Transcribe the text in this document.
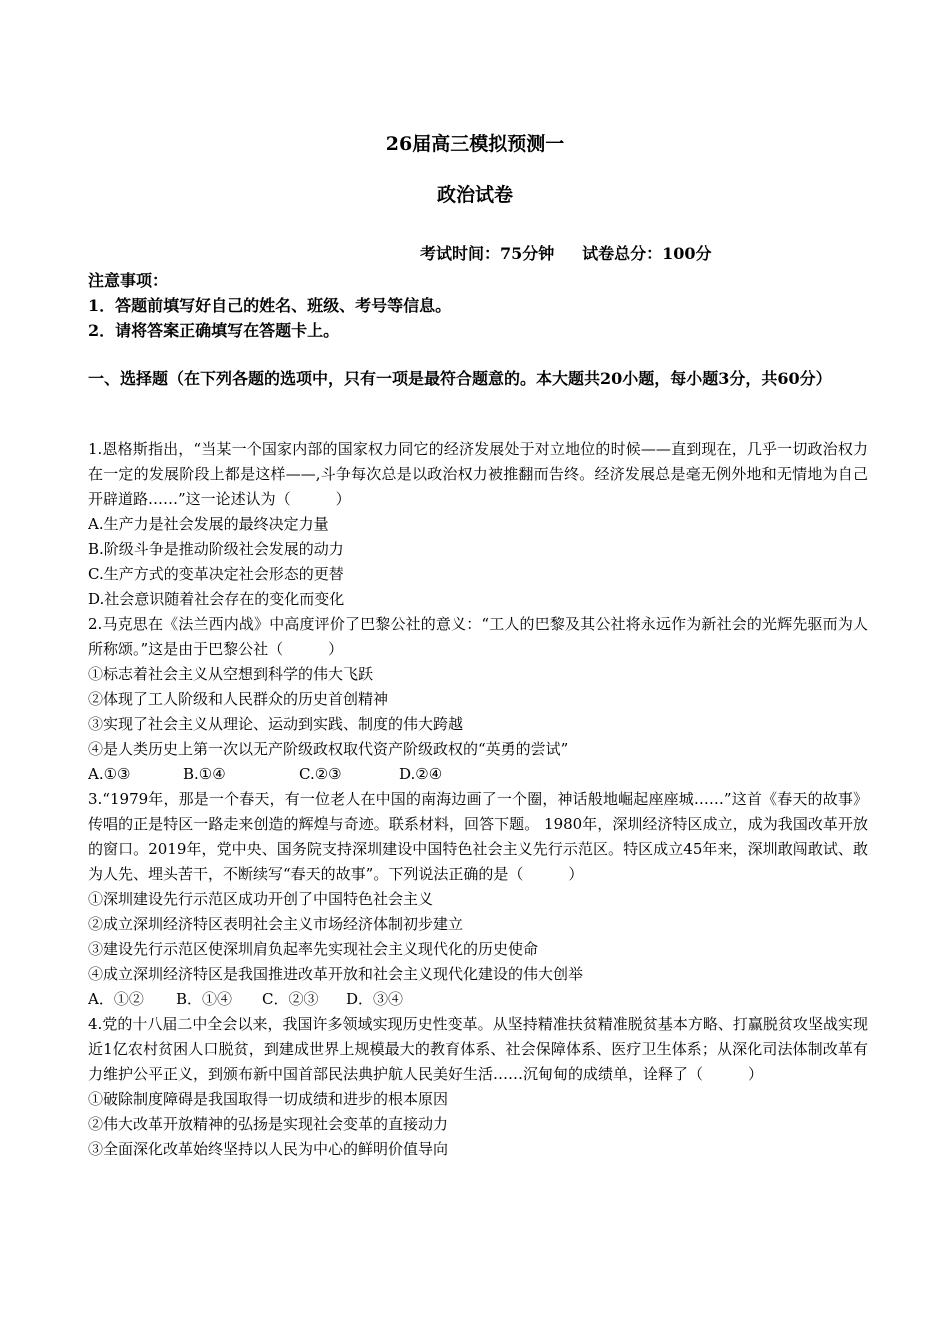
26届高三模拟预测一
政治试卷
考试时间：75分钟     试卷总分：100分
注意事项：
1．答题前填写好自己的姓名、班级、考号等信息。
2．请将答案正确填写在答题卡上。
一、选择题（在下列各题的选项中，只有一项是最符合题意的。本大题共20小题，每小题3分，共60分）
1.恩格斯指出，“当某一个国家内部的国家权力同它的经济发展处于对立地位的时候——直到现在，几乎一切政治权力在一定的发展阶段上都是这样——,斗争每次总是以政治权力被推翻而告终。经济发展总是毫无例外地和无情地为自己开辟道路……”这一论述认为（　　　）
A.生产力是社会发展的最终决定力量
B.阶级斗争是推动阶级社会发展的动力
C.生产方式的变革决定社会形态的更替
D.社会意识随着社会存在的变化而变化
2.马克思在《法兰西内战》中高度评价了巴黎公社的意义：“工人的巴黎及其公社将永远作为新社会的光辉先驱而为人所称颂。”这是由于巴黎公社（　　　）
①标志着社会主义从空想到科学的伟大飞跃
②体现了工人阶级和人民群众的历史首创精神
③实现了社会主义从理论、运动到实践、制度的伟大跨越
④是人类历史上第一次以无产阶级政权取代资产阶级政权的“英勇的尝试”
A.①③	B.①④	C.②③	D.②④
3.“1979年，那是一个春天，有一位老人在中国的南海边画了一个圈，神话般地崛起座座城……”这首《春天的故事》传唱的正是特区一路走来创造的辉煌与奇迹。联系材料，回答下题。 1980年，深圳经济特区成立，成为我国改革开放的窗口。2019年，党中央、国务院支持深圳建设中国特色社会主义先行示范区。特区成立45年来，深圳敢闯敢试、敢为人先、埋头苦干，不断续写“春天的故事”。下列说法正确的是（　　　）
①深圳建设先行示范区成功开创了中国特色社会主义
②成立深圳经济特区表明社会主义市场经济体制初步建立
③建设先行示范区使深圳肩负起率先实现社会主义现代化的历史使命
④成立深圳经济特区是我国推进改革开放和社会主义现代化建设的伟大创举
A．①② B．①④ C．②③ D．③④
4.党的十八届二中全会以来，我国许多领域实现历史性变革。从坚持精准扶贫精准脱贫基本方略、打赢脱贫攻坚战实现近1亿农村贫困人口脱贫，到建成世界上规模最大的教育体系、社会保障体系、医疗卫生体系；从深化司法体制改革有力维护公平正义，到颁布新中国首部民法典护航人民美好生活……沉甸甸的成绩单，诠释了（　　　）
①破除制度障碍是我国取得一切成绩和进步的根本原因
②伟大改革开放精神的弘扬是实现社会变革的直接动力
③全面深化改革始终坚持以人民为中心的鲜明价值导向
